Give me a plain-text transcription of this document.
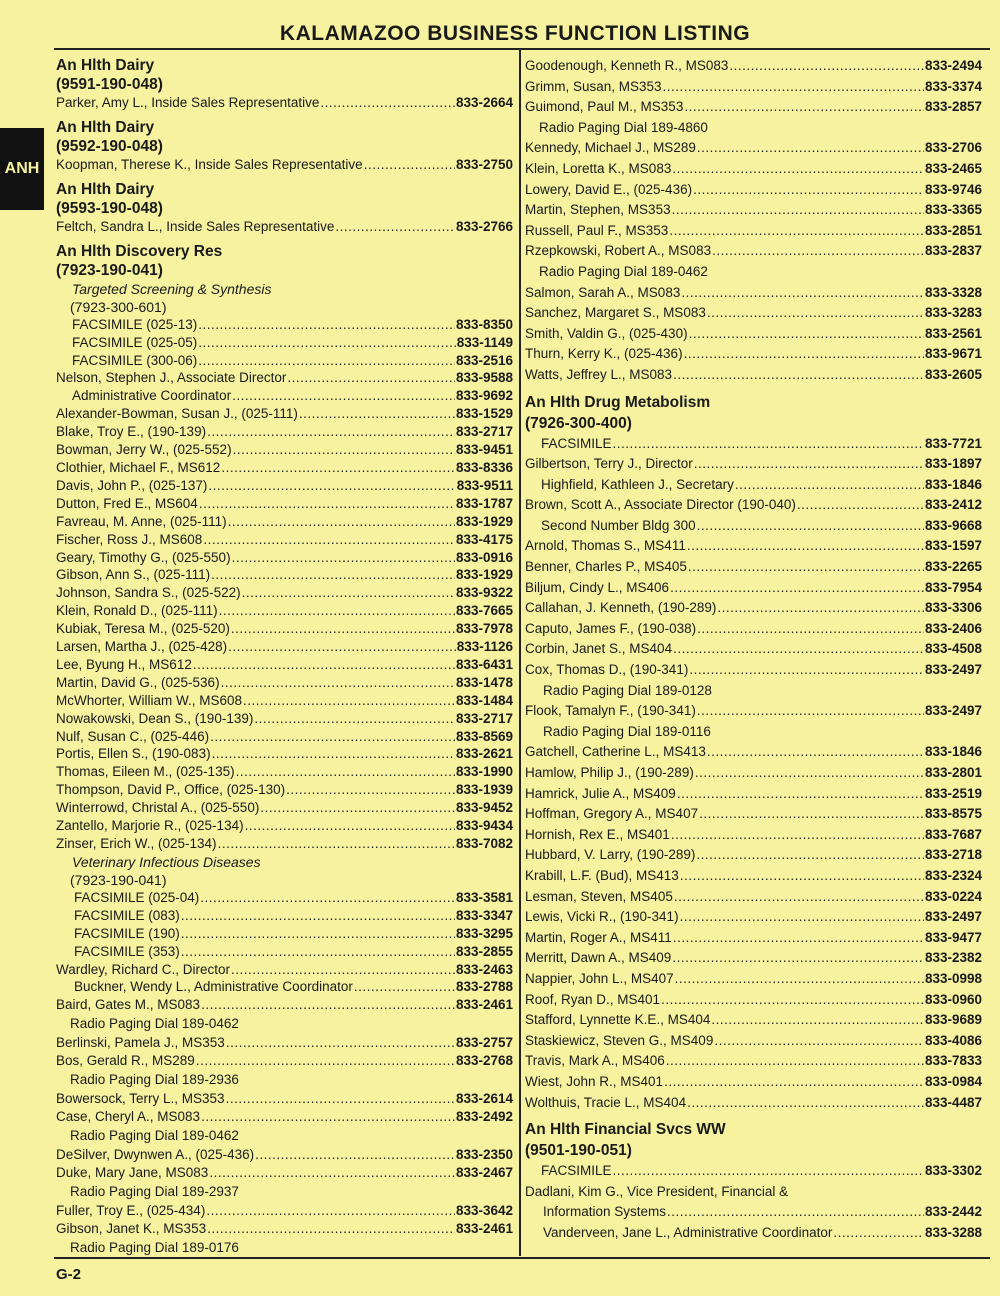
KALAMAZOO BUSINESS FUNCTION LISTING
ANH
An Hlth Dairy
(9591-190-048)
Parker, Amy L., Inside Sales Representative .....	833-2664
An Hlth Dairy
(9592-190-048)
Koopman, Therese K., Inside Sales Representative .....	833-2750
An Hlth Dairy
(9593-190-048)
Feltch, Sandra L., Inside Sales Representative .....	833-2766
An Hlth Discovery Res
(7923-190-041)
Targeted Screening & Synthesis
(7923-300-601)
FACSIMILE (025-13) .....	833-8350
FACSIMILE (025-05) .....	833-1149
FACSIMILE (300-06) .....	833-2516
Nelson, Stephen J., Associate Director .....	833-9588
Administrative Coordinator .....	833-9692
Alexander-Bowman, Susan J., (025-111) .....	833-1529
Blake, Troy E., (190-139) .....	833-2717
Bowman, Jerry W., (025-552) .....	833-9451
Clothier, Michael F., MS612 .....	833-8336
Davis, John P., (025-137) .....	833-9511
Dutton, Fred E., MS604 .....	833-1787
Favreau, M. Anne, (025-111) .....	833-1929
Fischer, Ross J., MS608 .....	833-4175
Geary, Timothy G., (025-550) .....	833-0916
Gibson, Ann S., (025-111) .....	833-1929
Johnson, Sandra S., (025-522) .....	833-9322
Klein, Ronald D., (025-111) .....	833-7665
Kubiak, Teresa M., (025-520) .....	833-7978
Larsen, Martha J., (025-428) .....	833-1126
Lee, Byung H., MS612 .....	833-6431
Martin, David G., (025-536) .....	833-1478
McWhorter, William W., MS608 .....	833-1484
Nowakowski, Dean S., (190-139) .....	833-2717
Nulf, Susan C., (025-446) .....	833-8569
Portis, Ellen S., (190-083) .....	833-2621
Thomas, Eileen M., (025-135) .....	833-1990
Thompson, David P., Office, (025-130) .....	833-1939
Winterrowd, Christal A., (025-550) .....	833-9452
Zantello, Marjorie R., (025-134) .....	833-9434
Zinser, Erich W., (025-134) .....	833-7082
Veterinary Infectious Diseases
(7923-190-041)
FACSIMILE (025-04) .....	833-3581
FACSIMILE (083) .....	833-3347
FACSIMILE (190) .....	833-3295
FACSIMILE (353) .....	833-2855
Wardley, Richard C., Director .....	833-2463
Buckner, Wendy L., Administrative Coordinator .....	833-2788
Baird, Gates M., MS083 .....	833-2461
Radio Paging Dial 189-0462
Berlinski, Pamela J., MS353 .....	833-2757
Bos, Gerald R., MS289 .....	833-2768
Radio Paging Dial 189-2936
Bowersock, Terry L., MS353 .....	833-2614
Case, Cheryl A., MS083 .....	833-2492
Radio Paging Dial 189-0462
DeSilver, Dwynwen A., (025-436) .....	833-2350
Duke, Mary Jane, MS083 .....	833-2467
Radio Paging Dial 189-2937
Fuller, Troy E., (025-434) .....	833-3642
Gibson, Janet K., MS353 .....	833-2461
Radio Paging Dial 189-0176
Goodenough, Kenneth R., MS083 .....	833-2494
Grimm, Susan, MS353 .....	833-3374
Guimond, Paul M., MS353 .....	833-2857
Radio Paging Dial 189-4860
Kennedy, Michael J., MS289 .....	833-2706
Klein, Loretta K., MS083 .....	833-2465
Lowery, David E., (025-436) .....	833-9746
Martin, Stephen, MS353 .....	833-3365
Russell, Paul F., MS353 .....	833-2851
Rzepkowski, Robert A., MS083 .....	833-2837
Radio Paging Dial 189-0462
Salmon, Sarah A., MS083 .....	833-3328
Sanchez, Margaret S., MS083 .....	833-3283
Smith, Valdin G., (025-430) .....	833-2561
Thurn, Kerry K., (025-436) .....	833-9671
Watts, Jeffrey L., MS083 .....	833-2605
An Hlth Drug Metabolism
(7926-300-400)
FACSIMILE .....	833-7721
Gilbertson, Terry J., Director .....	833-1897
Highfield, Kathleen J., Secretary .....	833-1846
Brown, Scott A., Associate Director (190-040) .....	833-2412
Second Number Bldg 300 .....	833-9668
Arnold, Thomas S., MS411 .....	833-1597
Benner, Charles P., MS405 .....	833-2265
Biljum, Cindy L., MS406 .....	833-7954
Callahan, J. Kenneth, (190-289) .....	833-3306
Caputo, James F., (190-038) .....	833-2406
Corbin, Janet S., MS404 .....	833-4508
Cox, Thomas D., (190-341) .....	833-2497
Radio Paging Dial 189-0128
Flook, Tamalyn F., (190-341) .....	833-2497
Radio Paging Dial 189-0116
Gatchell, Catherine L., MS413 .....	833-1846
Hamlow, Philip J., (190-289) .....	833-2801
Hamrick, Julie A., MS409 .....	833-2519
Hoffman, Gregory A., MS407 .....	833-8575
Hornish, Rex E., MS401 .....	833-7687
Hubbard, V. Larry, (190-289) .....	833-2718
Krabill, L.F. (Bud), MS413 .....	833-2324
Lesman, Steven, MS405 .....	833-0224
Lewis, Vicki R., (190-341) .....	833-2497
Martin, Roger A., MS411 .....	833-9477
Merritt, Dawn A., MS409 .....	833-2382
Nappier, John L., MS407 .....	833-0998
Roof, Ryan D., MS401 .....	833-0960
Stafford, Lynnette K.E., MS404 .....	833-9689
Staskiewicz, Steven G., MS409 .....	833-4086
Travis, Mark A., MS406 .....	833-7833
Wiest, John R., MS401 .....	833-0984
Wolthuis, Tracie L., MS404 .....	833-4487
An Hlth Financial Svcs WW
(9501-190-051)
FACSIMILE .....	833-3302
Dadlani, Kim G., Vice President, Financial &
Information Systems .....	833-2442
Vanderveen, Jane L., Administrative Coordinator .....	833-3288
G-2
